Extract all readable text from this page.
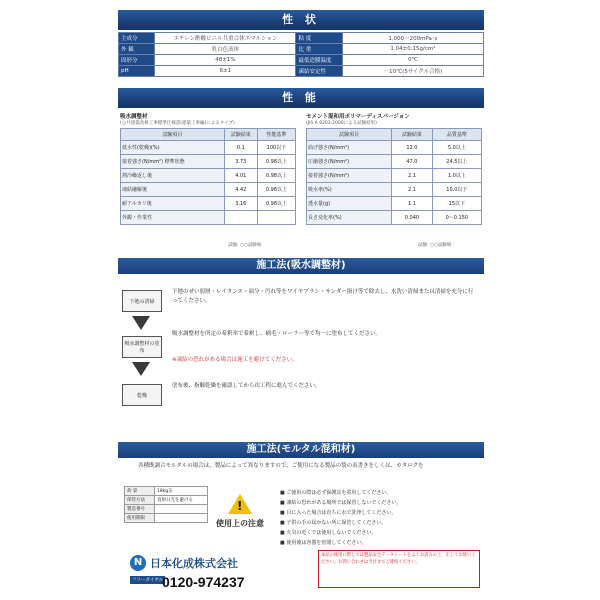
性 状
主成分	エチレン酢酸ビニル共重合体エマルション	粘 度	1,000～200mPa･s
外 観	乳白色液体	比 重	1.04±0.15g/cm³
固形分	48±1%	最低造膜温度	0℃
pH	6±1	凍結安定性	－10℃(5サイクル合格)
性 能
吸水調整材
(公共建築改修工事標準仕様書(建築工事編)によるタイプ)
セメント混和用ポリマーディスパージョン
(JIS A 6203:2000による試験結果)
試験項目	試験結果	性能基準
低水性(乾燥)(%)	0.1	100以下
接着強さ(N/mm²) 標準状態	3.73	0.98以上
熱冷繰返し後	4.01	0.98以上
凍結融解後	4.42	0.98以上
耐アルカリ後	3.16	0.98以上
外観・作業性		
試験: ○○試験場
試験項目	試験結果	品質基準
曲げ強さ(N/mm²)	12.0	5.0以上
圧縮強さ(N/mm²)	47.0	24.5以上
接着強さ(N/mm²)	2.1	1.0以上
吸水率(%)	2.1	10.0以下
透水量(g)	1.1	15以下
長さ変化率(%)	0.040	0～0.150
試験: ○○試験場
施工法(吸水調整材)
下地の清掃
吸水調整材の塗布
乾燥
下地のぜい弱層・レイタンス・油分・汚れ等をワイヤブラシ・サンダー掛け等で除去し、水洗い清掃または清掃を充分に行ってください。
吸水調整材を所定の希釈率で希釈し、刷毛・ローラー等で均一に塗布してください。
※凍結の恐れがある場合は施工を避けてください。
塗布後、指触乾燥を確認してから次工程に進んでください。
施工法(モルタル混和材)
各種既調合モルタルの場合は、製品によって異なりますので、ご使用になる製品の袋の表書きをしくは、カタログを
荷 姿	18kg缶
保管方法	直射日光を避ける
製造番号	
使用期限	
!
使用上の注意
■ ご使用の際は必ず保護具を着用してください。
■ 凍結の恐れがある場所では保管しないでください。
■ 目に入った場合は直ちに水で洗浄してください。
■ 子供の手の届かない所に保管してください。
■ 火気の近くでは使用しないでください。
■ 使用後は容器を密閉してください。
N 日本化成株式会社
フリーダイヤル
0120-974237
本品の使用に際しては製品安全データシートをよくお読みの上、正しくお使いください。お問い合わせは当社までご連絡ください。
